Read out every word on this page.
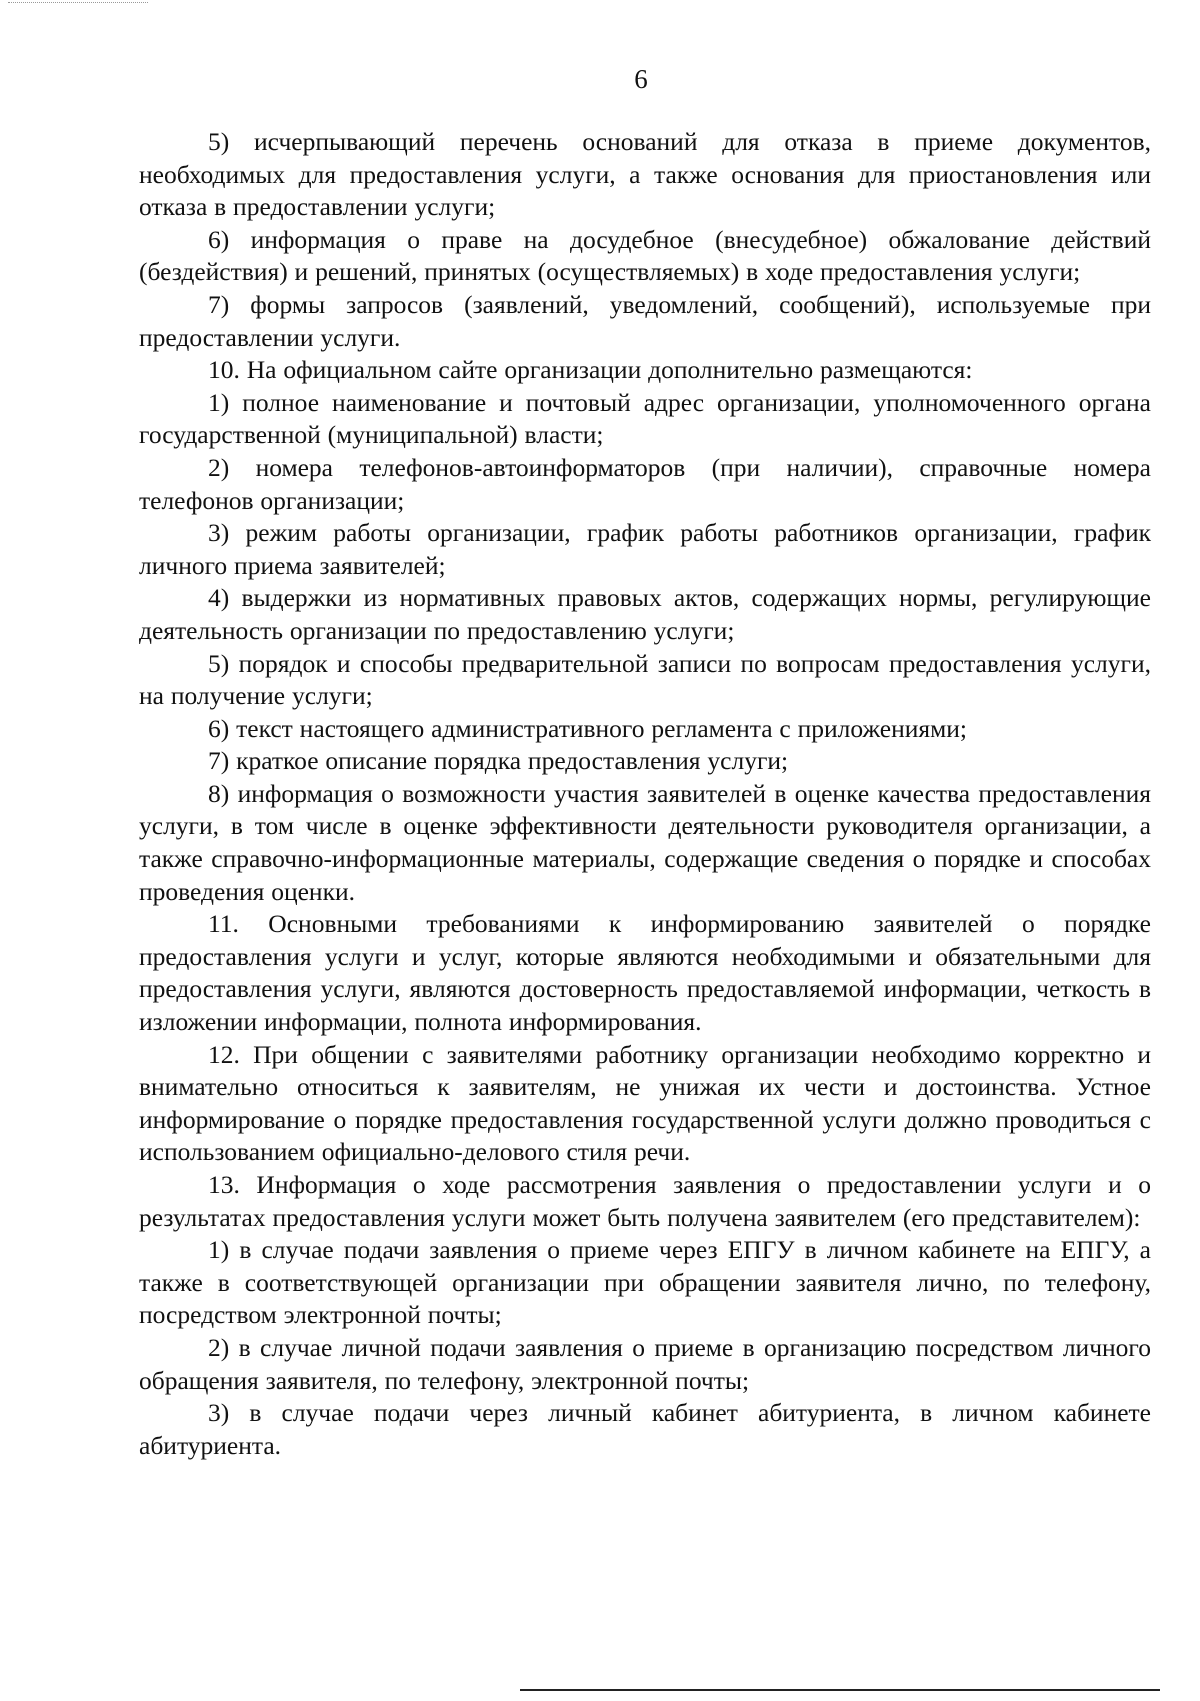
6

5) исчерпывающий перечень оснований для отказа в приеме документов, необходимых для предоставления услуги, а также основания для приостановления или отказа в предоставлении услуги;

6) информация о праве на досудебное (внесудебное) обжалование действий (бездействия) и решений, принятых (осуществляемых) в ходе предоставления услуги;

7) формы запросов (заявлений, уведомлений, сообщений), используемые при предоставлении услуги.

10. На официальном сайте организации дополнительно размещаются:

1) полное наименование и почтовый адрес организации, уполномоченного органа государственной (муниципальной) власти;

2) номера телефонов-автоинформаторов (при наличии), справочные номера телефонов организации;

3) режим работы организации, график работы работников организации, график личного приема заявителей;

4) выдержки из нормативных правовых актов, содержащих нормы, регулирующие деятельность организации по предоставлению услуги;

5) порядок и способы предварительной записи по вопросам предоставления услуги, на получение услуги;

6) текст настоящего административного регламента с приложениями;

7) краткое описание порядка предоставления услуги;

8) информация о возможности участия заявителей в оценке качества предоставления услуги, в том числе в оценке эффективности деятельности руководителя организации, а также справочно-информационные материалы, содержащие сведения о порядке и способах проведения оценки.

11. Основными требованиями к информированию заявителей о порядке предоставления услуги и услуг, которые являются необходимыми и обязательными для предоставления услуги, являются достоверность предоставляемой информации, четкость в изложении информации, полнота информирования.

12. При общении с заявителями работнику организации необходимо корректно и внимательно относиться к заявителям, не унижая их чести и достоинства. Устное информирование о порядке предоставления государственной услуги должно проводиться с использованием официально-делового стиля речи.

13. Информация о ходе рассмотрения заявления о предоставлении услуги и о результатах предоставления услуги может быть получена заявителем (его представителем):

1) в случае подачи заявления о приеме через ЕПГУ в личном кабинете на ЕПГУ, а также в соответствующей организации при обращении заявителя лично, по телефону, посредством электронной почты;

2) в случае личной подачи заявления о приеме в организацию посредством личного обращения заявителя, по телефону, электронной почты;

3) в случае подачи через личный кабинет абитуриента, в личном кабинете абитуриента.
